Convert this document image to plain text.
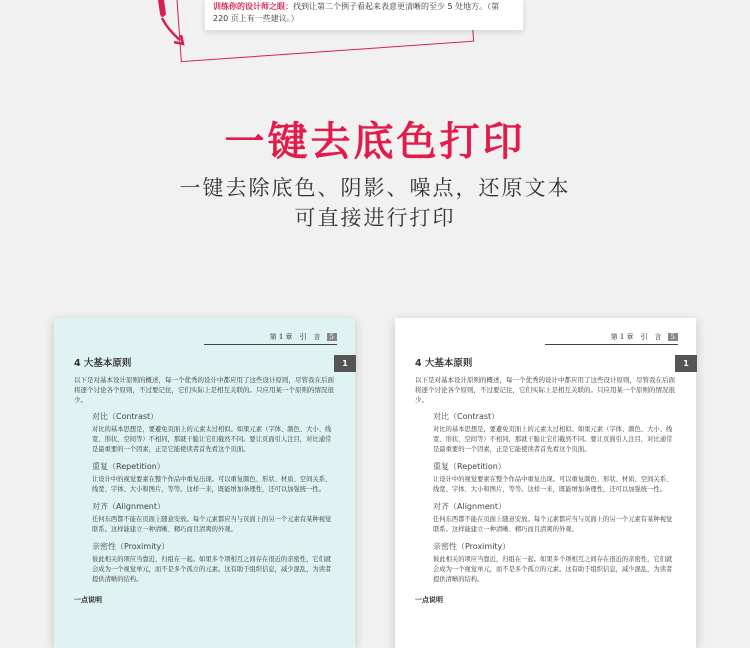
训练你的设计师之眼：找到让第二个例子看起来表意更清晰的至少 5 处地方。（第 220 页上有一些建议。）
一键去底色打印
一键去除底色、阴影、噪点，还原文本
可直接进行打印
第 1 章　引　言 5
1
4 大基本原则

以下是对基本设计原则的概述，每一个优秀的设计中都应用了这些设计原则，尽管我在后面将逐个讨论各个原则，不过要记住，它们实际上是相互关联的。只应用某一个原则的情况很少。

对比（Contrast）

对比的基本思想是，要避免页面上的元素太过相似。如果元素（字体、颜色、大小、线宽、形状、空间等）不相同，那就干脆让它们截然不同。要让页面引人注目，对比通常是最重要的一个因素，正是它能使读者首先看这个页面。

重复（Repetition）

让设计中的视觉要素在整个作品中重复出现。可以重复颜色、形状、材质、空间关系、线宽、字体、大小和图片，等等。这样一来，既能增加条理性，还可以加强统一性。

对齐（Alignment）

任何东西都不能在页面上随意安放。每个元素都应当与页面上的另一个元素有某种视觉联系。这样能建立一种清晰、精巧而且清爽的外观。

亲密性（Proximity）

彼此相关的项应当靠近，归组在一起。如果多个项相互之间存在很近的亲密性，它们就会成为一个视觉单元，而不是多个孤立的元素。这有助于组织信息，减少混乱，为读者提供清晰的结构。

一点说明
第 1 章　引　言 5
1
4 大基本原则

以下是对基本设计原则的概述，每一个优秀的设计中都应用了这些设计原则，尽管我在后面将逐个讨论各个原则，不过要记住，它们实际上是相互关联的。只应用某一个原则的情况很少。

对比（Contrast）

对比的基本思想是，要避免页面上的元素太过相似。如果元素（字体、颜色、大小、线宽、形状、空间等）不相同，那就干脆让它们截然不同。要让页面引人注目，对比通常是最重要的一个因素，正是它能使读者首先看这个页面。

重复（Repetition）

让设计中的视觉要素在整个作品中重复出现。可以重复颜色、形状、材质、空间关系、线宽、字体、大小和图片，等等。这样一来，既能增加条理性，还可以加强统一性。

对齐（Alignment）

任何东西都不能在页面上随意安放。每个元素都应当与页面上的另一个元素有某种视觉联系。这样能建立一种清晰、精巧而且清爽的外观。

亲密性（Proximity）

彼此相关的项应当靠近，归组在一起。如果多个项相互之间存在很近的亲密性，它们就会成为一个视觉单元，而不是多个孤立的元素。这有助于组织信息，减少混乱，为读者提供清晰的结构。

一点说明
